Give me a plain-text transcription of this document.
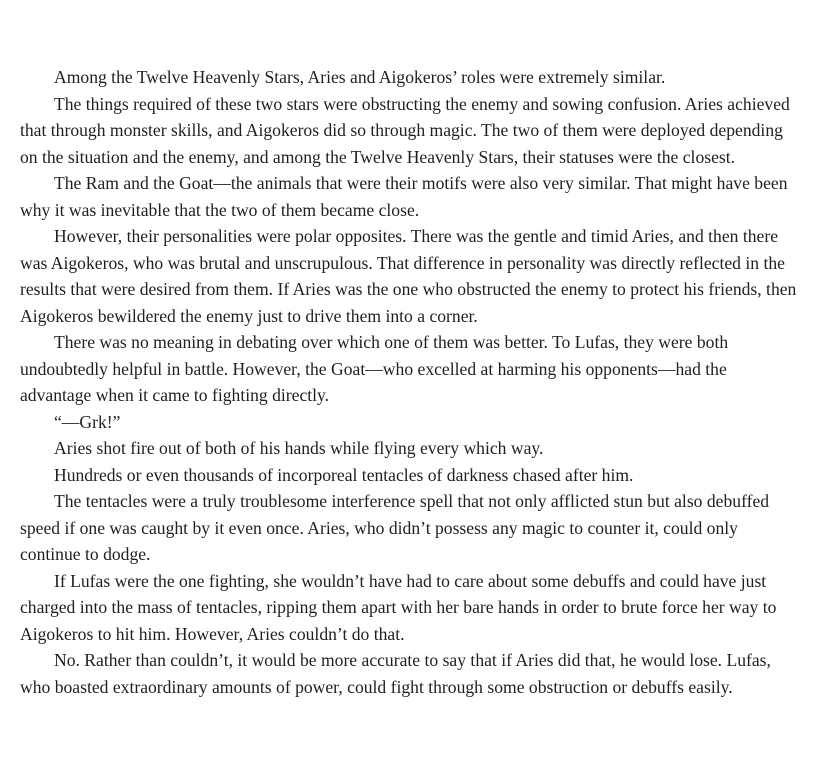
Among the Twelve Heavenly Stars, Aries and Aigokeros’ roles were extremely similar.

The things required of these two stars were obstructing the enemy and sowing confusion. Aries achieved that through monster skills, and Aigokeros did so through magic. The two of them were deployed depending on the situation and the enemy, and among the Twelve Heavenly Stars, their statuses were the closest.

The Ram and the Goat—the animals that were their motifs were also very similar. That might have been why it was inevitable that the two of them became close.

However, their personalities were polar opposites. There was the gentle and timid Aries, and then there was Aigokeros, who was brutal and unscrupulous. That difference in personality was directly reflected in the results that were desired from them. If Aries was the one who obstructed the enemy to protect his friends, then Aigokeros bewildered the enemy just to drive them into a corner.

There was no meaning in debating over which one of them was better. To Lufas, they were both undoubtedly helpful in battle. However, the Goat—who excelled at harming his opponents—had the advantage when it came to fighting directly.

“—Grk!”

Aries shot fire out of both of his hands while flying every which way.

Hundreds or even thousands of incorporeal tentacles of darkness chased after him.

The tentacles were a truly troublesome interference spell that not only afflicted stun but also debuffed speed if one was caught by it even once. Aries, who didn’t possess any magic to counter it, could only continue to dodge.

If Lufas were the one fighting, she wouldn’t have had to care about some debuffs and could have just charged into the mass of tentacles, ripping them apart with her bare hands in order to brute force her way to Aigokeros to hit him. However, Aries couldn’t do that.

No. Rather than couldn’t, it would be more accurate to say that if Aries did that, he would lose. Lufas, who boasted extraordinary amounts of power, could fight through some obstruction or debuffs easily.
